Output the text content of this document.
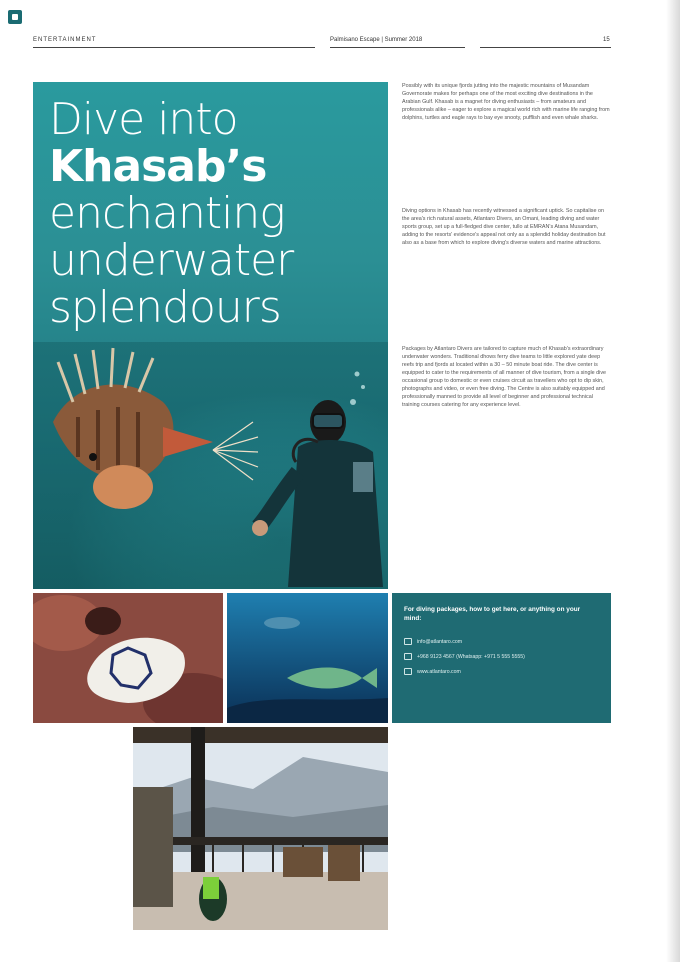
ENTERTAINMENT	Palmisano Escape | Summer 2018	15
Dive into
Khasab’s
enchanting
underwater
splendours
Possibly with its unique fjords jutting into the majestic mountains of Musandam Governorate makes for perhaps one of the most exciting dive destinations in the Arabian Gulf. Khasab is a magnet for diving enthusiasts – from amateurs and professionals alike – eager to explore a magical world rich with marine life ranging from dolphins, turtles and eagle rays to bay eye snooty, pufflish and even whale sharks.
Diving options in Khasab has recently witnessed a significant uptick. So capitalise on the area's rich natural assets, Atlantaro Divers, an Omani, leading diving and water sports group, set up a full-fledged dive center, tullo at EMRAN's Atana Musandam, adding to the resorts' evidence's appeal not only as a splendid holiday destination but also as a base from which to explore diving's diverse waters and marine attractions.
Packages by Atlantaro Divers are tailored to capture much of Khasab's extraordinary underwater wonders. Traditional dhows ferry dive teams to little explored yate deep reefs trip and fjords at located within a 30 – 50 minute boat ride. The dive center is equipped to cater to the requirements of all manner of dive tourism, from a single dive occasional group to domestic or even cruises circuit as travellers who opt to dip skin, photographs and video, or even free diving. The Centre is also suitably equipped and professionally manned to provide all level of beginner and professional technical training courses catering for any experience level.
For diving packages, how to get here, or anything on your mind:
info@atlantaro.com
+968 9123 4567 (Whatsapp: +971 5 555 5555)
www.atlantaro.com
